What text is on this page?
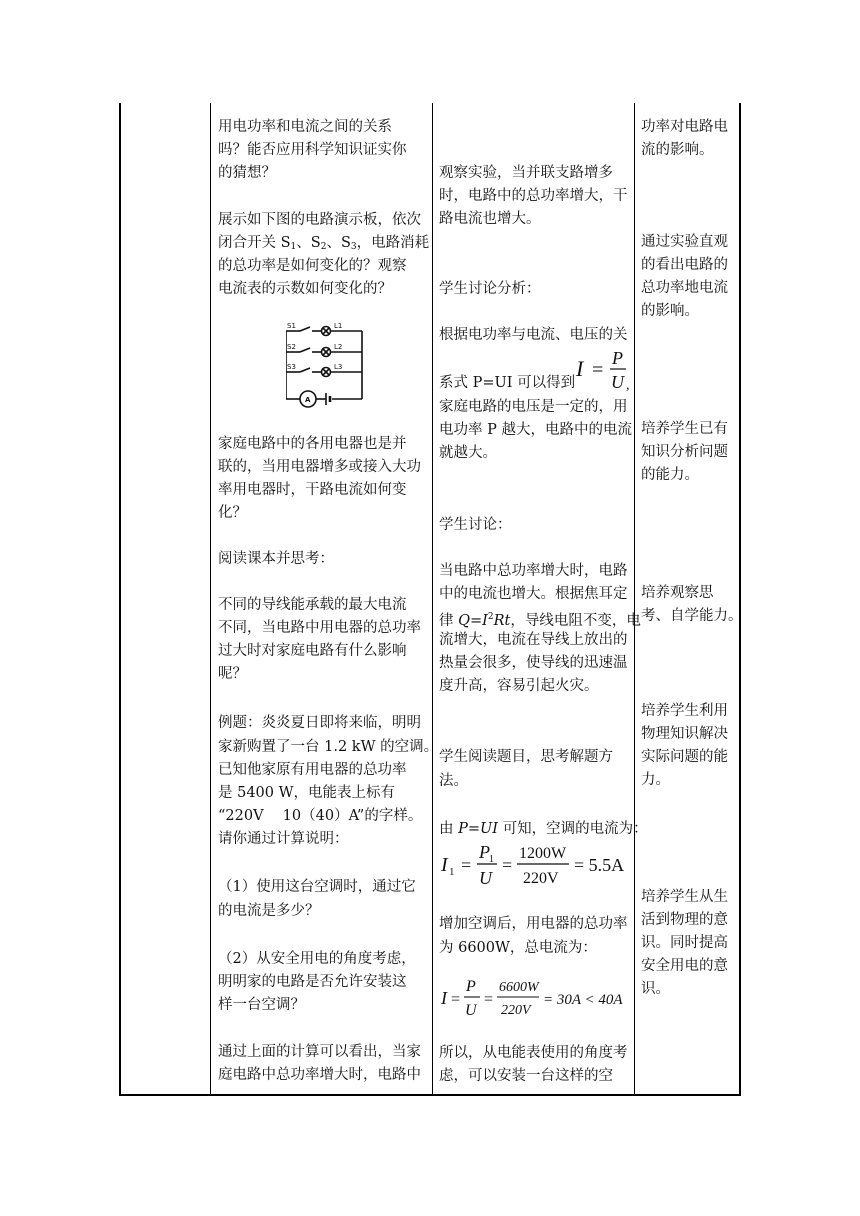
用电功率和电流之间的关系

吗？能否应用科学知识证实你

的猜想？

展示如下图的电路演示板，依次

闭合开关 $S_1$、$S_2$、$S_3$，电路消耗

的总功率是如何变化的？观察

电流表的示数如何变化的？

S1
S2
S3
L1
L2
L3
A

家庭电路中的各用电器也是并

联的，当用电器增多或接入大功

率用电器时，干路电流如何变

化？

阅读课本并思考：

不同的导线能承载的最大电流

不同，当电路中用电器的总功率

过大时对家庭电路有什么影响

呢？

例题：炎炎夏日即将来临，明明

家新购置了一台 1.2 kW 的空调。

已知他家原有用电器的总功率

是 5400 W，电能表上标有

“220V　 10（40）A”的字样。

请你通过计算说明：

（1）使用这台空调时，通过它

的电流是多少？

（2）从安全用电的角度考虑，

明明家的电路是否允许安装这

样一台空调？

通过上面的计算可以看出，当家

庭电路中总功率增大时，电路中

观察实验，当并联支路增多

时，电路中的总功率增大，干

路电流也增大。

学生讨论分析：

根据电功率与电流、电压的关

系式 P=UI 可以得到

I =
P
U ,

家庭电路的电压是一定的，用

电功率 P 越大，电路中的电流

就越大。

学生讨论：

当电路中总功率增大时，电路

中的电流也增大。根据焦耳定

律 $Q=I^2Rt$，导线电阻不变，电

流增大，电流在导线上放出的

热量会很多，使导线的迅速温

度升高，容易引起火灾。

学生阅读题目，思考解题方

法。

由 P=UI 可知，空调的电流为：

I 1 =
P 1
U
=
1200W
220V
= 5.5A

增加空调后，用电器的总功率

为 6600W，总电流为：

I =
P
U
=
6600W
220V
= 30A < 40A

所以，从电能表使用的角度考

虑，可以安装一台这样的空

功率对电路电

流的影响。

通过实验直观

的看出电路的

总功率地电流

的影响。

培养学生已有

知识分析问题

的能力。

培养观察思

考、自学能力。

培养学生利用

物理知识解决

实际问题的能

力。

培养学生从生

活到物理的意

识。同时提高

安全用电的意

识。
